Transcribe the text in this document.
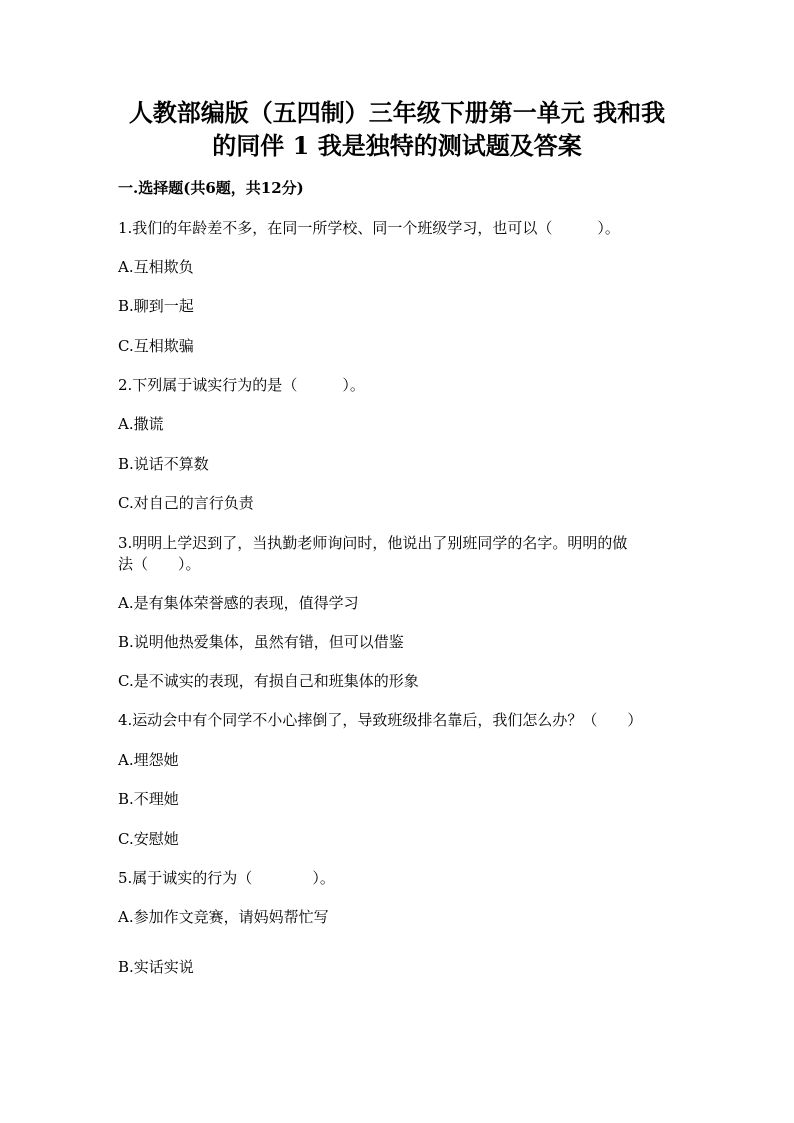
人教部编版（五四制）三年级下册第一单元 我和我
的同伴 1 我是独特的测试题及答案

一.选择题(共6题，共12分)

1.我们的年龄差不多，在同一所学校、同一个班级学习，也可以（　　　）。

A.互相欺负

B.聊到一起

C.互相欺骗

2.下列属于诚实行为的是（　　　）。

A.撒谎

B.说话不算数

C.对自己的言行负责

3.明明上学迟到了，当执勤老师询问时，他说出了别班同学的名字。明明的做

法（　　）。

A.是有集体荣誉感的表现，值得学习

B.说明他热爱集体，虽然有错，但可以借鉴

C.是不诚实的表现，有损自己和班集体的形象

4.运动会中有个同学不小心摔倒了，导致班级排名靠后，我们怎么办？（　　）

A.埋怨她

B.不理她

C.安慰她

5.属于诚实的行为（　　　　）。

A.参加作文竞赛，请妈妈帮忙写

B.实话实说
